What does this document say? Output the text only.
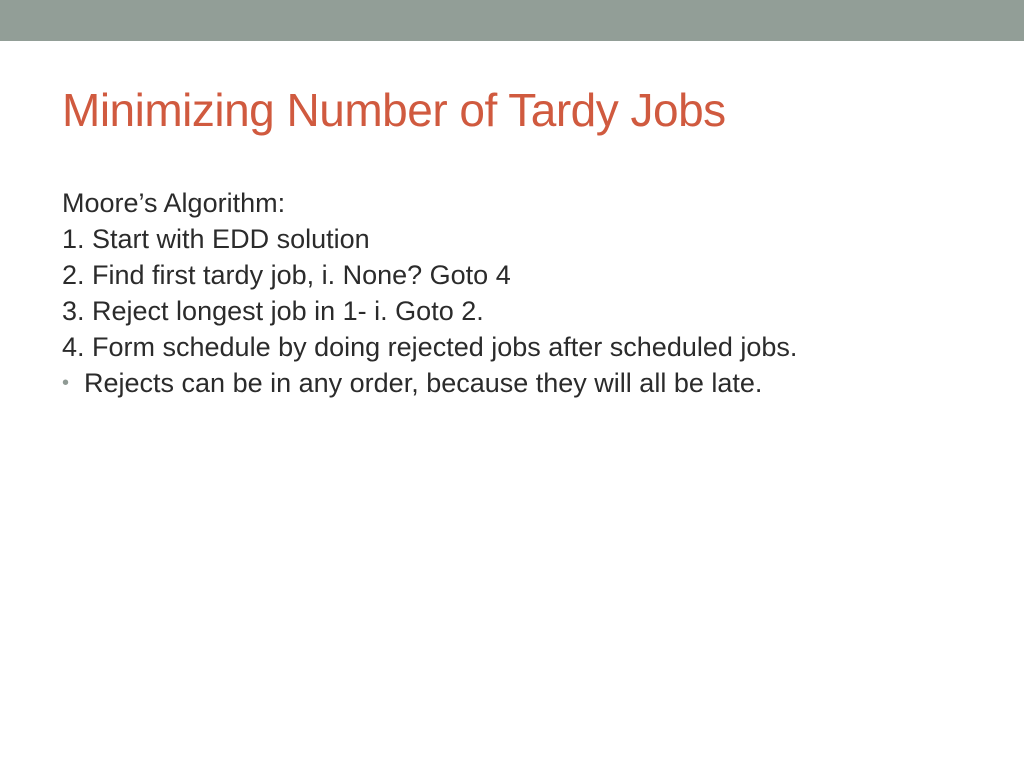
Minimizing Number of Tardy Jobs

Moore’s Algorithm:

1. Start with EDD solution

2. Find first tardy job, i. None? Goto 4

3. Reject longest job in 1- i. Goto 2.

4. Form schedule by doing rejected jobs after scheduled jobs.

• Rejects can be in any order, because they will all be late.
